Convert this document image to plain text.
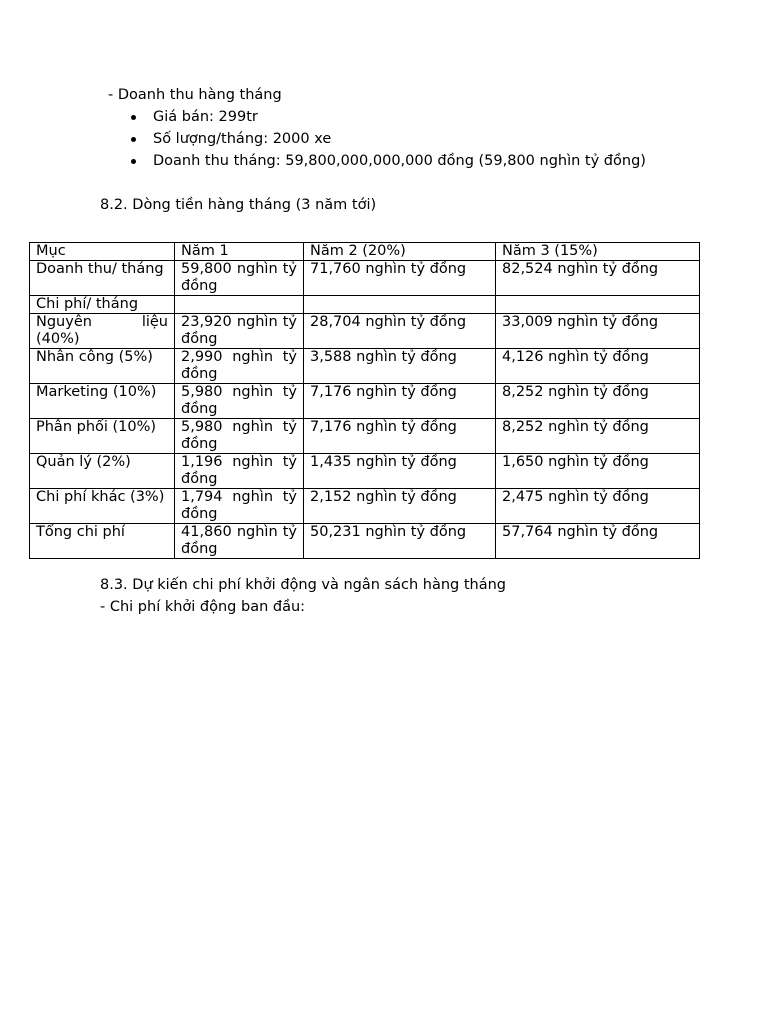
- Doanh thu hàng tháng
Giá bán: 299tr
Số lượng/tháng: 2000 xe
Doanh thu tháng: 59,800,000,000,000 đồng (59,800 nghìn tỷ đồng)
8.2. Dòng tiền hàng tháng (3 năm tới)
Mục	Năm 1	Năm 2 (20%)	Năm 3 (15%)
Doanh thu/ tháng	59,800 nghìn tỷ đồng	71,760 nghìn tỷ đồng	82,524 nghìn tỷ đồng
Chi phí/ tháng			
Nguyên liệu (40%)	23,920 nghìn tỷ đồng	28,704 nghìn tỷ đồng	33,009 nghìn tỷ đồng
Nhân công (5%)	2,990 nghìn tỷ đồng	3,588 nghìn tỷ đồng	4,126 nghìn tỷ đồng
Marketing (10%)	5,980 nghìn tỷ đồng	7,176 nghìn tỷ đồng	8,252 nghìn tỷ đồng
Phân phối (10%)	5,980 nghìn tỷ đồng	7,176 nghìn tỷ đồng	8,252 nghìn tỷ đồng
Quản lý (2%)	1,196 nghìn tỷ đồng	1,435 nghìn tỷ đồng	1,650 nghìn tỷ đồng
Chi phí khác (3%)	1,794 nghìn tỷ đồng	2,152 nghìn tỷ đồng	2,475 nghìn tỷ đồng
Tổng chi phí	41,860 nghìn tỷ đồng	50,231 nghìn tỷ đồng	57,764 nghìn tỷ đồng
8.3. Dự kiến chi phí khởi động và ngân sách hàng tháng
- Chi phí khởi động ban đầu:
